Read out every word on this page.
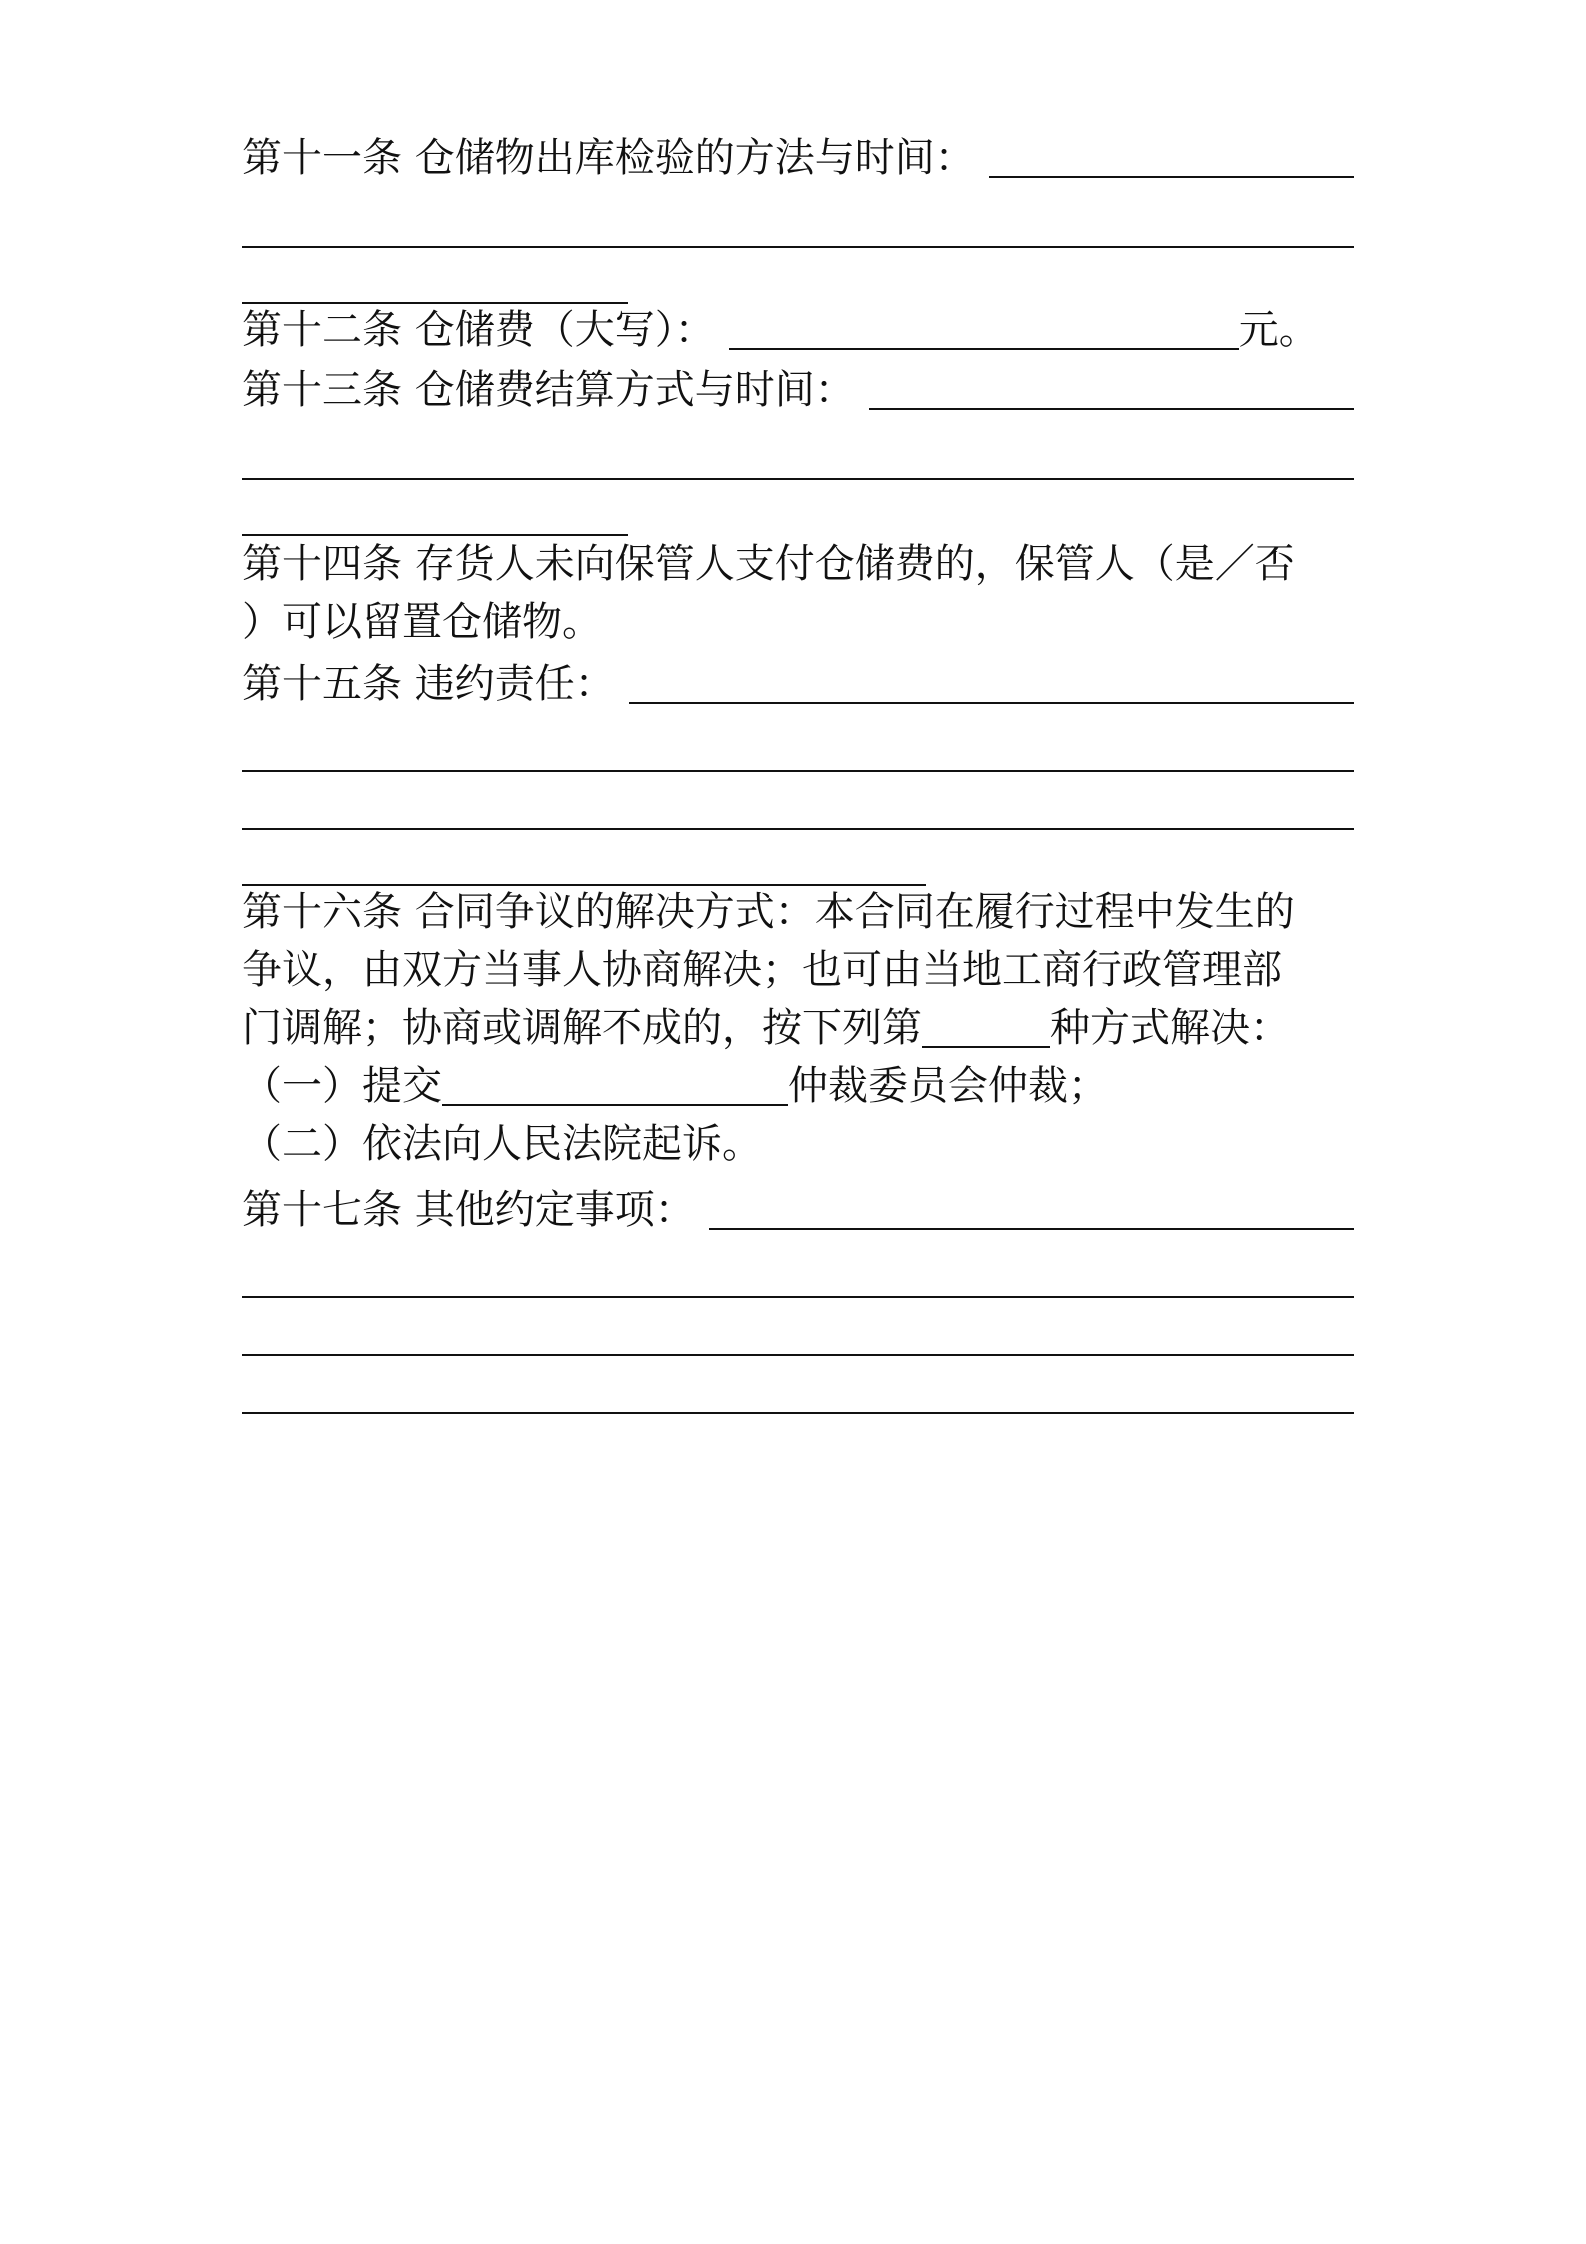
第十一条 仓储物出库检验的方法与时间：
第十二条 仓储费（大写）：	元。
第十三条 仓储费结算方式与时间：
第十四条 存货人未向保管人支付仓储费的，保管人（是／否
）可以留置仓储物。
第十五条 违约责任：
第十六条 合同争议的解决方式：本合同在履行过程中发生的
争议，由双方当事人协商解决；也可由当地工商行政管理部
门调解；协商或调解不成的，按下列第	种方式解决：
（一）提交	仲裁委员会仲裁；
（二）依法向人民法院起诉。
第十七条 其他约定事项：
